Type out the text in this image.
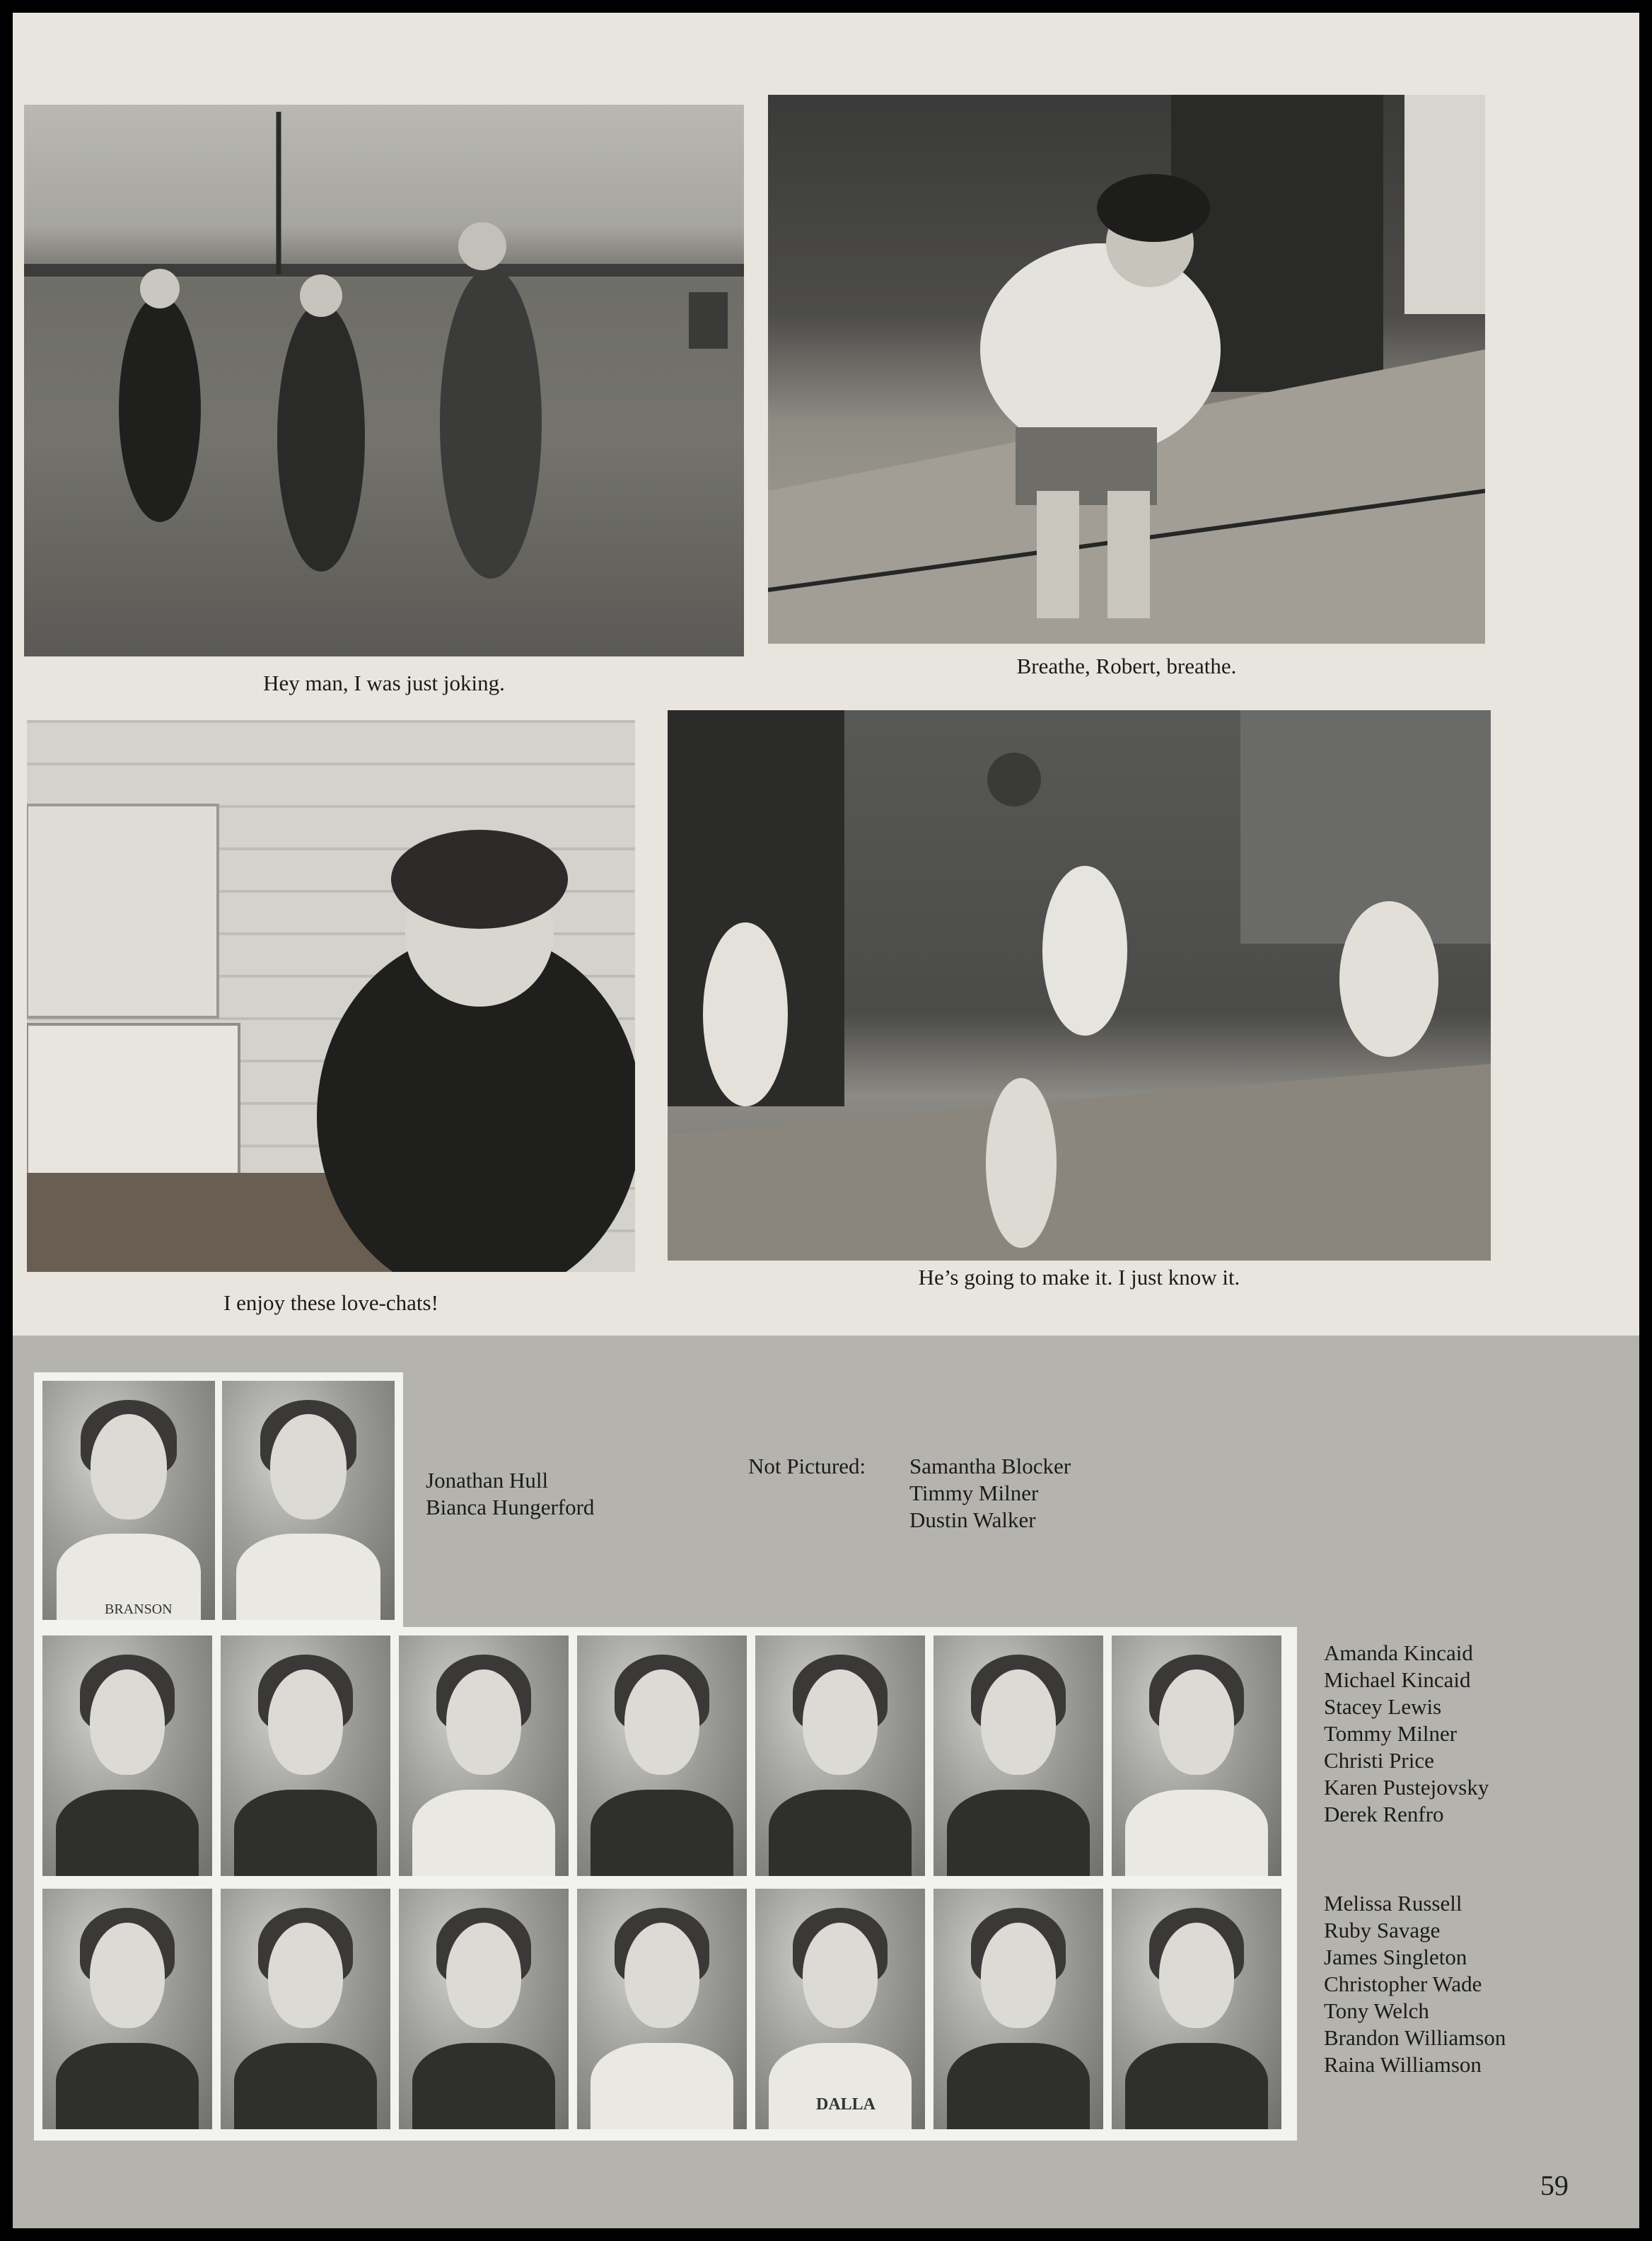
Hey man, I was just joking.
Breathe, Robert, breathe.
I enjoy these love-chats!
He’s going to make it. I just know it.
BRANSON
Jonathan Hull
Bianca Hungerford
Not Pictured: Samantha Blocker
Timmy Milner
Dustin Walker
DALLA
Amanda Kincaid
Michael Kincaid
Stacey Lewis
Tommy Milner
Christi Price
Karen Pustejovsky
Derek Renfro
Melissa Russell
Ruby Savage
James Singleton
Christopher Wade
Tony Welch
Brandon Williamson
Raina Williamson
59
